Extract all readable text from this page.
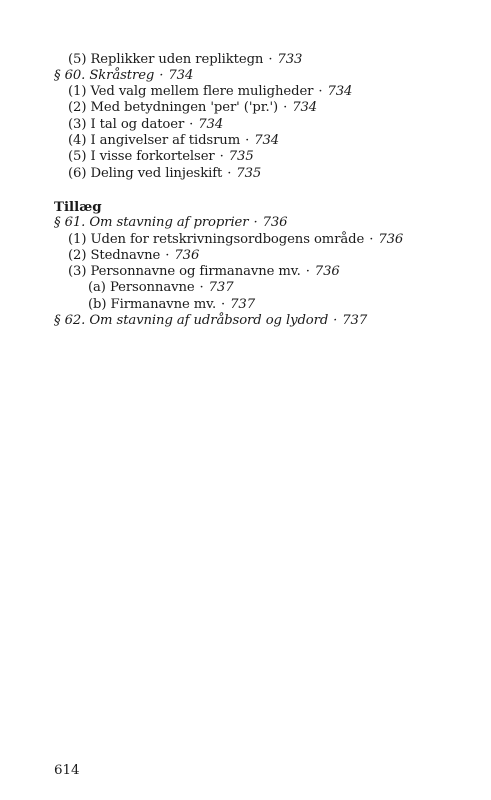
(5) Replikker uden repliktegn · 733
§ 60. Skråstreg · 734
(1) Ved valg mellem flere muligheder · 734
(2) Med betydningen 'per' ('pr.') · 734
(3) I tal og datoer · 734
(4) I angivelser af tidsrum · 734
(5) I visse forkortelser · 735
(6) Deling ved linjeskift · 735
Tillæg
§ 61. Om stavning af proprier · 736
(1) Uden for retskrivningsordbogens område · 736
(2) Stednavne · 736
(3) Personnavne og firmanavne mv. · 736
(a) Personnavne · 737
(b) Firmanavne mv. · 737
§ 62. Om stavning af udråbsord og lydord · 737
614
